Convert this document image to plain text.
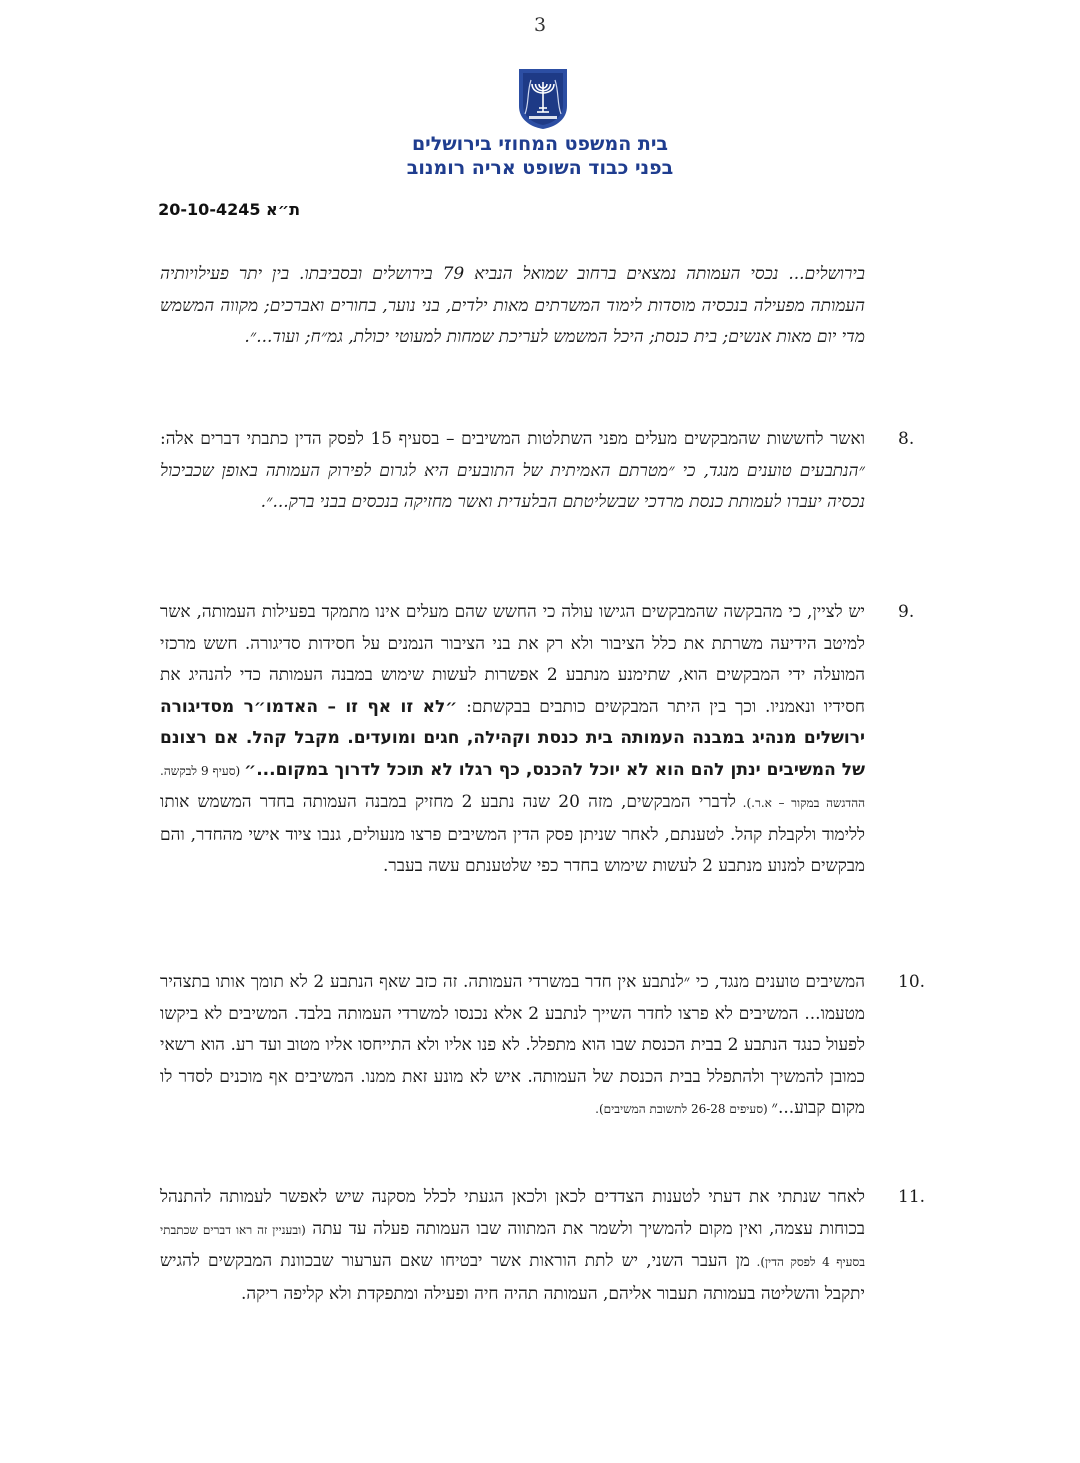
3
בית המשפט המחוזי בירושלים
בפני כבוד השופט אריה רומנוב
ת״א 20-10-4245
בירושלים... נכסי העמותה נמצאים ברחוב שמואל הנביא 79 בירושלים ובסביבתו. בין יתר פעילויותיה העמותה מפעילה בנכסיה מוסדות לימוד המשרתים מאות ילדים, בני נוער, בחורים ואברכים; מקווה המשמש מדי יום מאות אנשים; בית כנסת; היכל המשמש לעריכת שמחות למעוטי יכולת, גמ״ח; ועוד...״.
8.
ואשר לחששות שהמבקשים מעלים מפני השתלטות המשיבים – בסעיף 15 לפסק הדין כתבתי דברים אלה: ״הנתבעים טוענים מנגד, כי ״מטרתם האמיתית של התובעים היא לגרום לפירוק העמותה באופן שכביכול נכסיה יעברו לעמותת כנסת מרדכי שבשליטתם הבלעדית ואשר מחזיקה בנכסים בבני ברק...״.
9.
יש לציין, כי מהבקשה שהמבקשים הגישו עולה כי החשש שהם מעלים אינו מתמקד בפעילות העמותה, אשר למיטב הידיעה משרתת את כלל הציבור ולא רק את בני הציבור הנמנים על חסידות סדיגורה. חשש מרכזי המועלה ידי המבקשים הוא, שתימנע מנתבע 2 אפשרות לעשות שימוש במבנה העמותה כדי להנהיג את חסידיו ונאמניו. וכך בין היתר המבקשים כותבים בבקשתם: ״לא זו אף זו – האדמו״ר מסדיגורה ירושלים מנהיג במבנה העמותה בית כנסת וקהילה, חגים ומועדים. מקבל קהל. אם רצונם של המשיבים ינתן להם הוא לא יוכל להכנס, כף רגלו לא תוכל לדרוך במקום...״ (סעיף 9 לבקשה. ההדגשה במקור – א.ר.). לדברי המבקשים, מזה 20 שנה נתבע 2 מחזיק במבנה העמותה בחדר המשמש אותו ללימוד ולקבלת קהל. לטענתם, לאחר שניתן פסק הדין המשיבים פרצו מנעולים, גנבו ציוד אישי מהחדר, והם מבקשים למנוע מנתבע 2 לעשות שימוש בחדר כפי שלטענתם עשה בעבר.
10.
המשיבים טוענים מנגד, כי ״לנתבע אין חדר במשרדי העמותה. זה כזב שאף הנתבע 2 לא תומך אותו בתצהיר מטעמו... המשיבים לא פרצו לחדר השייך לנתבע 2 אלא נכנסו למשרדי העמותה בלבד. המשיבים לא ביקשו לפעול כנגד הנתבע 2 בבית הכנסת שבו הוא מתפלל. לא פנו אליו ולא התייחסו אליו מטוב ועד רע. הוא רשאי כמובן להמשיך ולהתפלל בבית הכנסת של העמותה. איש לא מונע זאת ממנו. המשיבים אף מוכנים לסדר לו מקום קבוע...״ (סעיפים 26-28 לתשובת המשיבים).
11.
לאחר שנתתי את דעתי לטענות הצדדים לכאן ולכאן הגעתי לכלל מסקנה שיש לאפשר לעמותה להתנהל בכוחות עצמה, ואין מקום להמשיך ולשמר את המתווה שבו העמותה פעלה עד עתה (ובעניין זה ראו דברים שכתבתי בסעיף 4 לפסק הדין). מן העבר השני, יש לתת הוראות אשר יבטיחו שאם הערעור שבכוונת המבקשים להגיש יתקבל והשליטה בעמותה תעבור אליהם, העמותה תהיה חיה ופעילה ומתפקדת ולא קליפה ריקה.
